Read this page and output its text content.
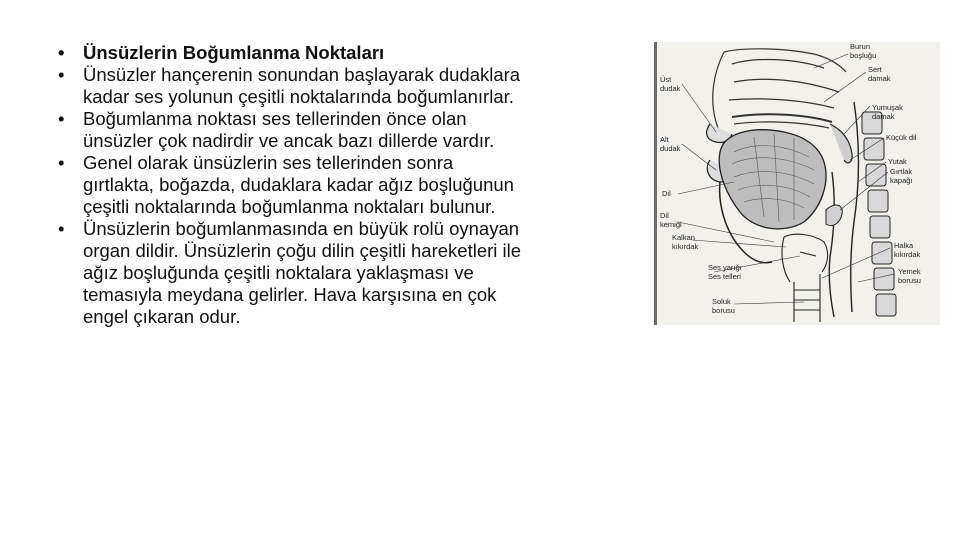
•	Ünsüzlerin Boğumlanma Noktaları
•	Ünsüzler hançerenin sonundan başlayarak dudaklara kadar ses yolunun çeşitli noktalarında boğumlanırlar.
•	Boğumlanma noktası ses tellerinden önce olan ünsüzler çok nadirdir ve ancak bazı dillerde vardır.
•	Genel olarak ünsüzlerin ses tellerinden sonra gırtlakta, boğazda, dudaklara kadar ağız boşluğunun çeşitli noktalarında boğumlanma noktaları bulunur.
•	Ünsüzlerin boğumlanmasında en büyük rolü oynayan organ dildir. Ünsüzlerin çoğu dilin çeşitli hareketleri ile ağız boşluğunda çeşitli noktalara yaklaşması ve temasıyla meydana gelirler. Hava karşısına en çok engel çıkaran odur.
Burun
boşluğu
Sert
damak
Yumuşak
damak
Üst
dudak
Alt
dudak
Küçük dil
Yutak
Dil
Gırtlak
kapağı
Dil
kemiği
Kalkan
kıkırdak	Halka
kıkırdak
Ses yarığı
Ses telleri
Yemek
borusu
Soluk
borusu
